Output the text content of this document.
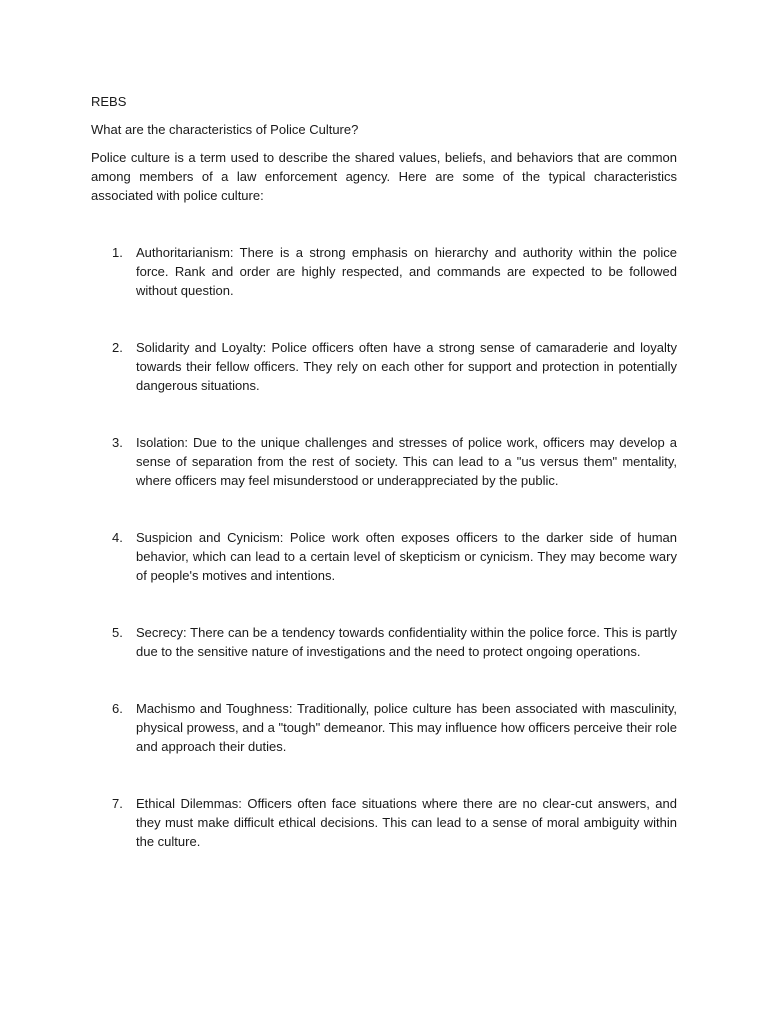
REBS

What are the characteristics of Police Culture?

Police culture is a term used to describe the shared values, beliefs, and behaviors that are common among members of a law enforcement agency. Here are some of the typical characteristics associated with police culture:

1. Authoritarianism: There is a strong emphasis on hierarchy and authority within the police force. Rank and order are highly respected, and commands are expected to be followed without question.
2. Solidarity and Loyalty: Police officers often have a strong sense of camaraderie and loyalty towards their fellow officers. They rely on each other for support and protection in potentially dangerous situations.
3. Isolation: Due to the unique challenges and stresses of police work, officers may develop a sense of separation from the rest of society. This can lead to a "us versus them" mentality, where officers may feel misunderstood or underappreciated by the public.
4. Suspicion and Cynicism: Police work often exposes officers to the darker side of human behavior, which can lead to a certain level of skepticism or cynicism. They may become wary of people's motives and intentions.
5. Secrecy: There can be a tendency towards confidentiality within the police force. This is partly due to the sensitive nature of investigations and the need to protect ongoing operations.
6. Machismo and Toughness: Traditionally, police culture has been associated with masculinity, physical prowess, and a "tough" demeanor. This may influence how officers perceive their role and approach their duties.
7. Ethical Dilemmas: Officers often face situations where there are no clear-cut answers, and they must make difficult ethical decisions. This can lead to a sense of moral ambiguity within the culture.
